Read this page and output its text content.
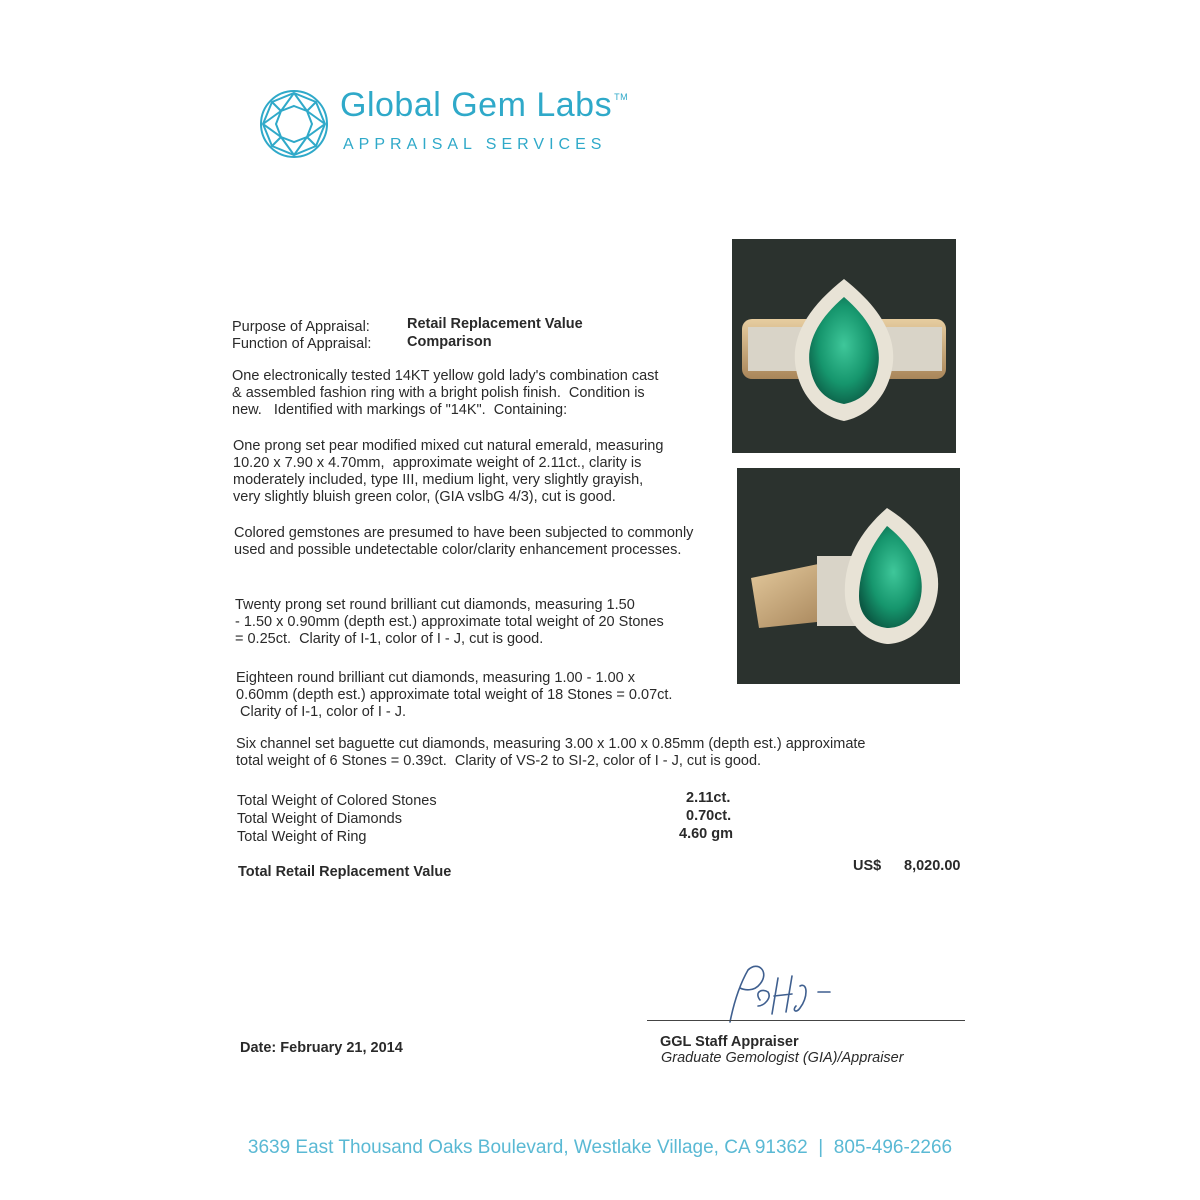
Global Gem Labs ™
APPRAISAL SERVICES
Purpose of Appraisal:	Retail Replacement Value
Function of Appraisal: Comparison
One electronically tested 14KT yellow gold lady's combination cast
& assembled fashion ring with a bright polish finish.  Condition is
new.   Identified with markings of "14K".  Containing:
One prong set pear modified mixed cut natural emerald, measuring
10.20 x 7.90 x 4.70mm,  approximate weight of 2.11ct., clarity is
moderately included, type III, medium light, very slightly grayish,
very slightly bluish green color, (GIA vslbG 4/3), cut is good.
Colored gemstones are presumed to have been subjected to commonly
used and possible undetectable color/clarity enhancement processes.
Twenty prong set round brilliant cut diamonds, measuring 1.50
- 1.50 x 0.90mm (depth est.) approximate total weight of 20 Stones
= 0.25ct.  Clarity of I-1, color of I - J, cut is good.
Eighteen round brilliant cut diamonds, measuring 1.00 - 1.00 x
0.60mm (depth est.) approximate total weight of 18 Stones = 0.07ct.
Clarity of I-1, color of I - J.
Six channel set baguette cut diamonds, measuring 3.00 x 1.00 x 0.85mm (depth est.) approximate
total weight of 6 Stones = 0.39ct.  Clarity of VS-2 to SI-2, color of I - J, cut is good.
Total Weight of Colored Stones	2.11ct.
Total Weight of Diamonds	0.70ct.
Total Weight of Ring	4.60 gm
Total Retail Replacement Value	US$ 8,020.00
Date: February 21, 2014	GGL Staff Appraiser
Graduate Gemologist (GIA)/Appraiser
3639 East Thousand Oaks Boulevard, Westlake Village, CA 91362 | 805-496-2266
